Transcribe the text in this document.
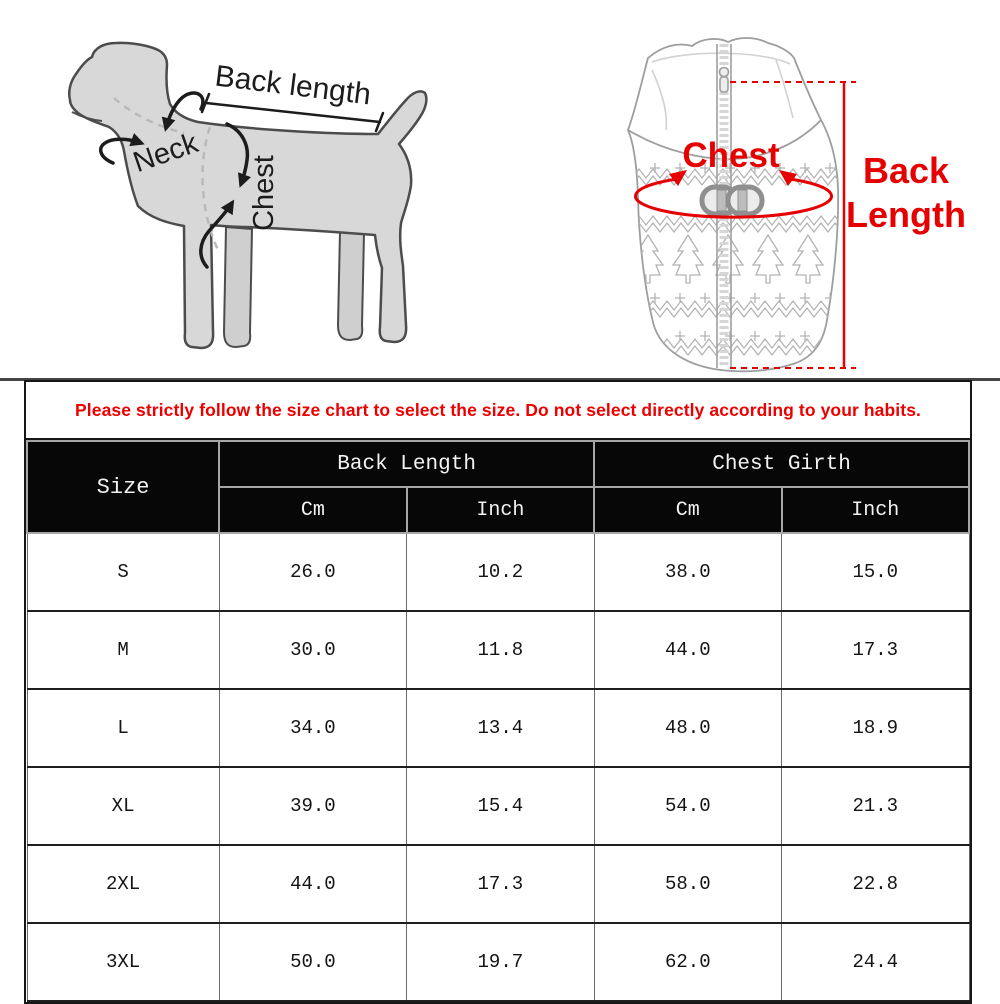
Back length
Neck
Chest	Chest Back
Length
Please strictly follow the size chart to select the size. Do not select directly according to your habits.
Size	Back Length		Chest Girth	
	Cm	Inch	Cm	Inch
S	26.0	10.2	38.0	15.0
M	30.0	11.8	44.0	17.3
L	34.0	13.4	48.0	18.9
XL	39.0	15.4	54.0	21.3
2XL	44.0	17.3	58.0	22.8
3XL	50.0	19.7	62.0	24.4
